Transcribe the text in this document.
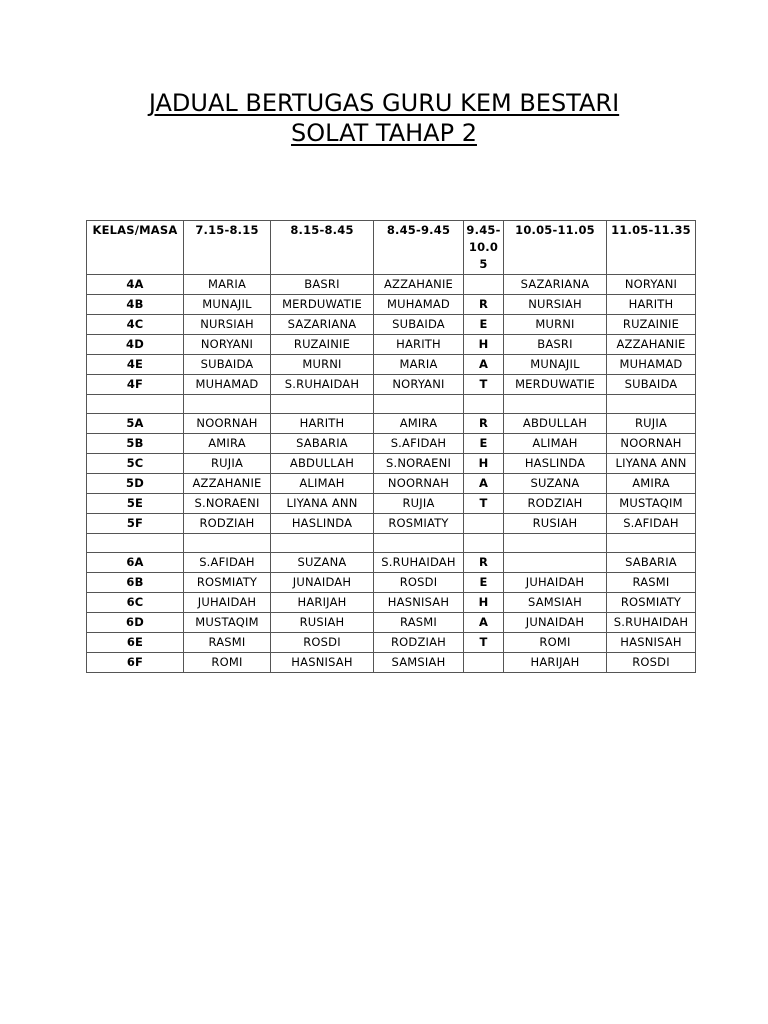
JADUAL BERTUGAS GURU KEM BESTARI
SOLAT TAHAP 2
KELAS/MASA	7.15-8.15	8.15-8.45	8.45-9.45	9.45-10.05	10.05-11.05	11.05-11.35
4A	MARIA	BASRI	AZZAHANIE		SAZARIANA	NORYANI
4B	MUNAJIL	MERDUWATIE	MUHAMAD	R	NURSIAH	HARITH
4C	NURSIAH	SAZARIANA	SUBAIDA	E	MURNI	RUZAINIE
4D	NORYANI	RUZAINIE	HARITH	H	BASRI	AZZAHANIE
4E	SUBAIDA	MURNI	MARIA	A	MUNAJIL	MUHAMAD
4F	MUHAMAD	S.RUHAIDAH	NORYANI	T	MERDUWATIE	SUBAIDA

5A	NOORNAH	HARITH	AMIRA	R	ABDULLAH	RUJIA
5B	AMIRA	SABARIA	S.AFIDAH	E	ALIMAH	NOORNAH
5C	RUJIA	ABDULLAH	S.NORAENI	H	HASLINDA	LIYANA ANN
5D	AZZAHANIE	ALIMAH	NOORNAH	A	SUZANA	AMIRA
5E	S.NORAENI	LIYANA ANN	RUJIA	T	RODZIAH	MUSTAQIM
5F	RODZIAH	HASLINDA	ROSMIATY		RUSIAH	S.AFIDAH

6A	S.AFIDAH	SUZANA	S.RUHAIDAH	R		SABARIA
6B	ROSMIATY	JUNAIDAH	ROSDI	E	JUHAIDAH	RASMI
6C	JUHAIDAH	HARIJAH	HASNISAH	H	SAMSIAH	ROSMIATY
6D	MUSTAQIM	RUSIAH	RASMI	A	JUNAIDAH	S.RUHAIDAH
6E	RASMI	ROSDI	RODZIAH	T	ROMI	HASNISAH
6F	ROMI	HASNISAH	SAMSIAH		HARIJAH	ROSDI
